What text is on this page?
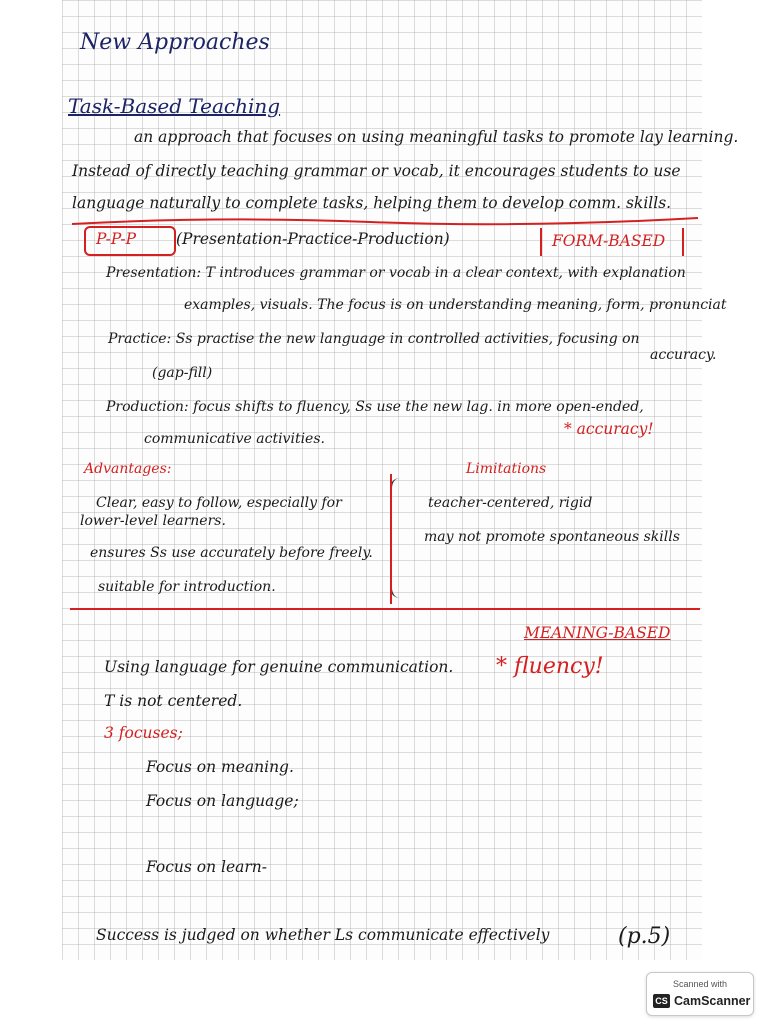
New Approaches
Task-Based Teaching
an approach that focuses on using meaningful tasks to promote lay learning.
Instead of directly teaching grammar or vocab, it encourages students to use
language naturally to complete tasks, helping them to develop comm. skills.
P-P-P	(Presentation-Practice-Production)	FORM-BASED
Presentation: T introduces grammar or vocab in a clear context, with explanation
examples, visuals. The focus is on understanding meaning, form, pronunciat
Practice: Ss practise the new language in controlled activities, focusing on
accuracy.
(gap-fill)
Production: focus shifts to fluency, Ss use the new lag. in more open-ended,
communicative activities.
* accuracy!
Advantages:
Clear, easy to follow, especially for
lower-level learners.
ensures Ss use accurately before freely.
suitable for introduction.
Limitations
teacher-centered, rigid
may not promote spontaneous skills
MEANING-BASED
* fluency!
Using language for genuine communication.
T is not centered.
3 focuses;
Focus on meaning.
Focus on language;
Focus on learn-
Success is judged on whether Ls communicate effectively	(p.5)
Scanned with
CS CamScanner
